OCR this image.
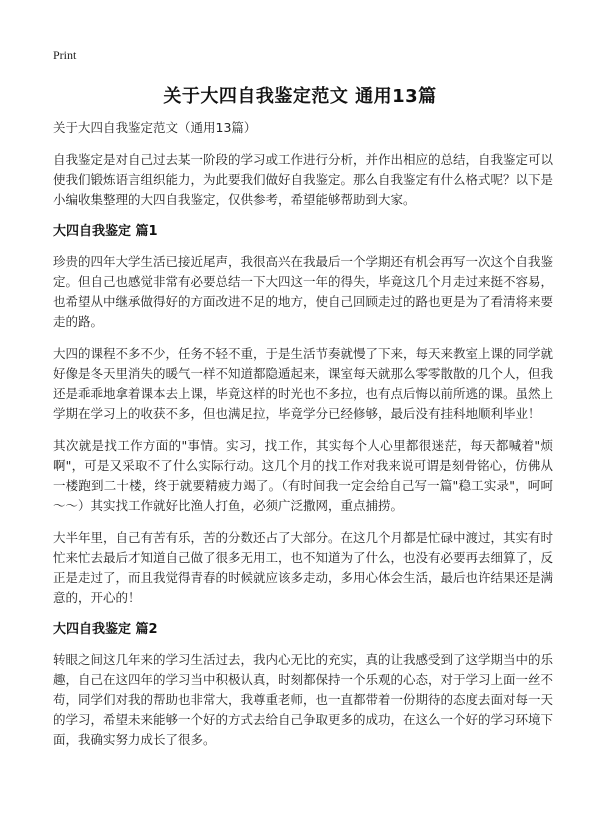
Print
关于大四自我鉴定范文 通用13篇

关于大四自我鉴定范文（通用13篇）

自我鉴定是对自己过去某一阶段的学习或工作进行分析，并作出相应的总结，自我鉴定可以使我们锻炼语言组织能力，为此要我们做好自我鉴定。那么自我鉴定有什么格式呢？以下是小编收集整理的大四自我鉴定，仅供参考，希望能够帮助到大家。

大四自我鉴定 篇1

珍贵的四年大学生活已接近尾声，我很高兴在我最后一个学期还有机会再写一次这个自我鉴定。但自己也感觉非常有必要总结一下大四这一年的得失，毕竟这几个月走过来挺不容易，也希望从中继承做得好的方面改进不足的地方，使自己回顾走过的路也更是为了看清将来要走的路。

大四的课程不多不少，任务不轻不重，于是生活节奏就慢了下来，每天来教室上课的同学就好像是冬天里消失的暖气一样不知道都隐遁起来，课室每天就那么零零散散的几个人，但我还是乖乖地拿着课本去上课，毕竟这样的时光也不多拉，也有点后悔以前所逃的课。虽然上学期在学习上的收获不多，但也满足拉，毕竟学分已经修够，最后没有挂科地顺利毕业！

其次就是找工作方面的"事情。实习，找工作，其实每个人心里都很迷茫，每天都喊着"烦啊"，可是又采取不了什么实际行动。这几个月的找工作对我来说可谓是刻骨铭心，仿佛从一楼跑到二十楼，终于就要精疲力竭了。（有时间我一定会给自己写一篇"稳工实录"，呵呵～～）其实找工作就好比渔人打鱼，必须广泛撒网，重点捕捞。

大半年里，自己有苦有乐，苦的分数还占了大部分。在这几个月都是忙碌中渡过，其实有时忙来忙去最后才知道自己做了很多无用工，也不知道为了什么，也没有必要再去细算了，反正是走过了，而且我觉得青春的时候就应该多走动，多用心体会生活，最后也许结果还是满意的，开心的！

大四自我鉴定 篇2

转眼之间这几年来的学习生活过去，我内心无比的充实，真的让我感受到了这学期当中的乐趣，自己在这四年的学习当中积极认真，时刻都保持一个乐观的心态，对于学习上面一丝不苟，同学们对我的帮助也非常大，我尊重老师，也一直都带着一份期待的态度去面对每一天的学习，希望未来能够一个好的方式去给自己争取更多的成功，在这么一个好的学习环境下面，我确实努力成长了很多。
